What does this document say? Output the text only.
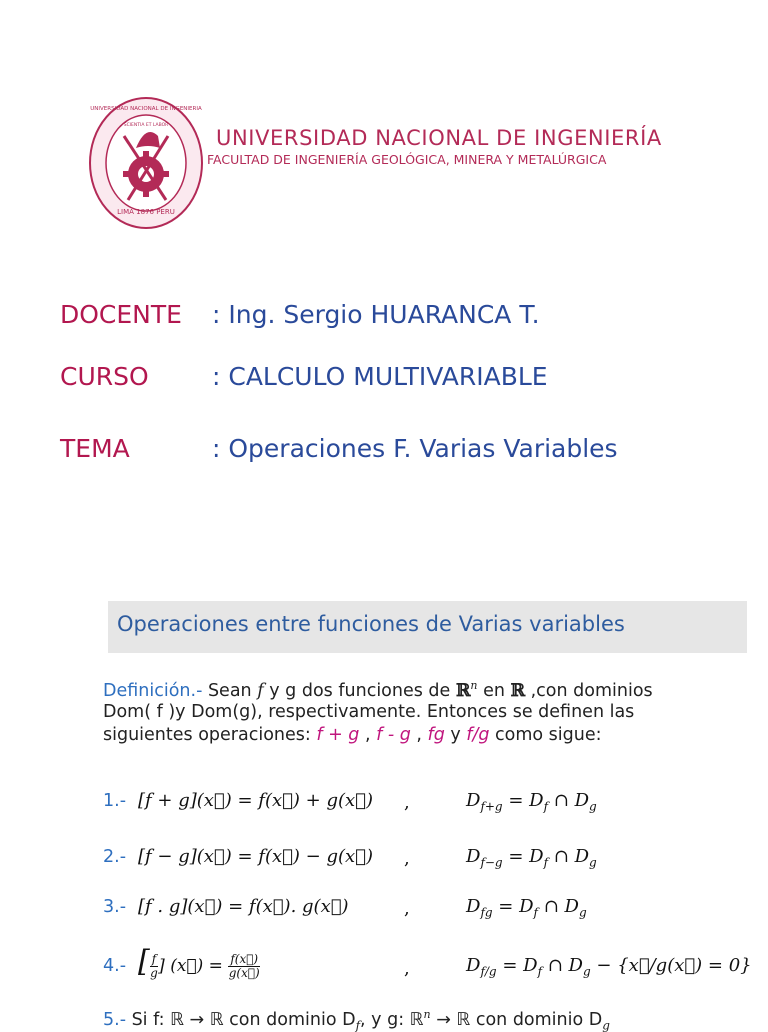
LIMA 1876 PERU
UNIVERSIDAD NACIONAL DE INGENIERIA
SCIENTIA ET LABOR
UNIVERSIDAD NACIONAL DE INGENIERÍA
FACULTAD DE INGENIERÍA GEOLÓGICA, MINERA Y METALÚRGICA
DOCENTE : Ing. Sergio HUARANCA T.
CURSO	: CALCULO MULTIVARIABLE
TEMA	: Operaciones F. Varias Variables
Operaciones entre funciones de Varias variables
Definición.- Sean f y g dos funciones de ℝ$^n$ en ℝ ,con dominios
Dom( f )y Dom(g), respectivamente. Entonces se definen las
siguientes operaciones: f + g , f - g , fg y f/g como sigue:
1.- [f + g](x⃗) = f(x⃗) + g(x⃗) ,	$D_{f+g} = D_f$ ∩ $D_g$
2.- [f − g](x⃗) = f(x⃗) − g(x⃗) ,	$D_{f-g} = D_f$ ∩ $D_g$
3.- [f . g](x⃗) = f(x⃗). g(x⃗)	,	$D_{fg} = D_f$ ∩ $D_g$
4.- [ $\frac{f}{g}$ ] (x⃗) = $\frac{f(x⃗)}{g(x⃗)}$	,	$D_{f/g} = D_f$ ∩ $D_g$ − {x⃗/g(x⃗) = 0}
5.- Si f: ℝ → ℝ con dominio $D_f$, y g: ℝ$^n$ → ℝ con dominio $D_g$
